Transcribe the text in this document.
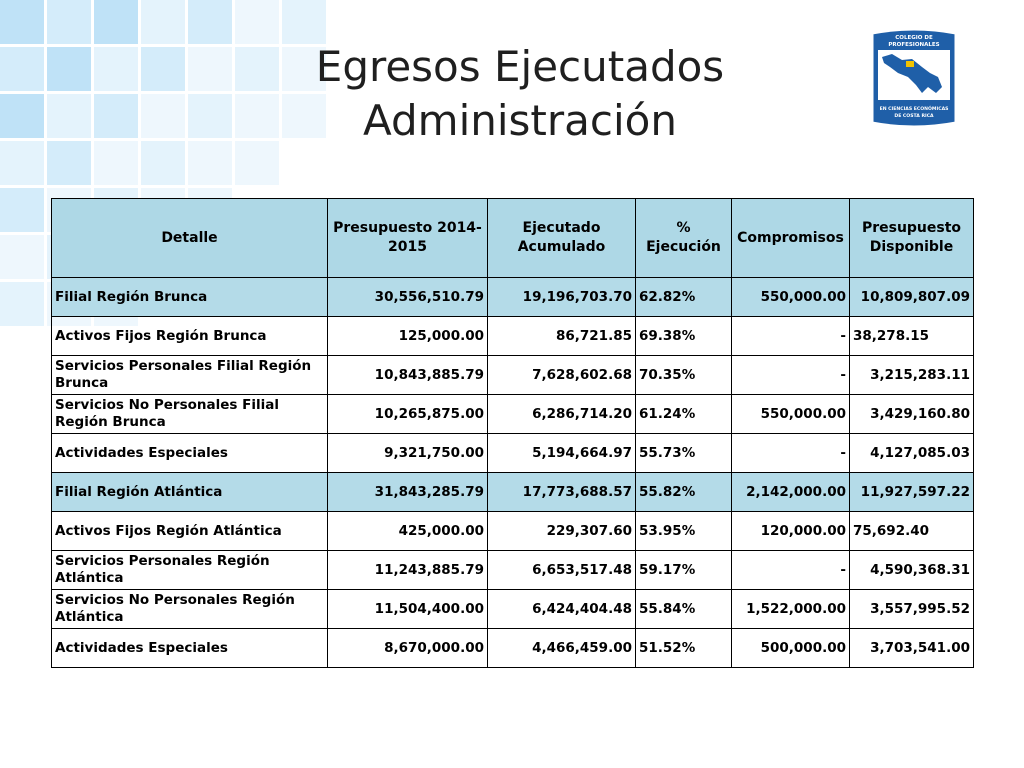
Egresos Ejecutados
Administración
COLEGIO DE
PROFESIONALES
EN CIENCIAS ECONÓMICAS
DE COSTA RICA
Detalle	Presupuesto 2014-2015	Ejecutado Acumulado	% Ejecución	Compromisos	Presupuesto Disponible
Filial Región Brunca	30,556,510.79	19,196,703.70	62.82%	550,000.00	10,809,807.09
Activos Fijos Región Brunca	125,000.00	86,721.85	69.38%	-	38,278.15
Servicios Personales Filial Región Brunca	10,843,885.79	7,628,602.68	70.35%	-	3,215,283.11
Servicios No Personales Filial Región Brunca	10,265,875.00	6,286,714.20	61.24%	550,000.00	3,429,160.80
Actividades Especiales	9,321,750.00	5,194,664.97	55.73%	-	4,127,085.03
Filial Región Atlántica	31,843,285.79	17,773,688.57	55.82%	2,142,000.00	11,927,597.22
Activos Fijos Región Atlántica	425,000.00	229,307.60	53.95%	120,000.00	75,692.40
Servicios Personales Región Atlántica	11,243,885.79	6,653,517.48	59.17%	-	4,590,368.31
Servicios No Personales Región Atlántica	11,504,400.00	6,424,404.48	55.84%	1,522,000.00	3,557,995.52
Actividades Especiales	8,670,000.00	4,466,459.00	51.52%	500,000.00	3,703,541.00
